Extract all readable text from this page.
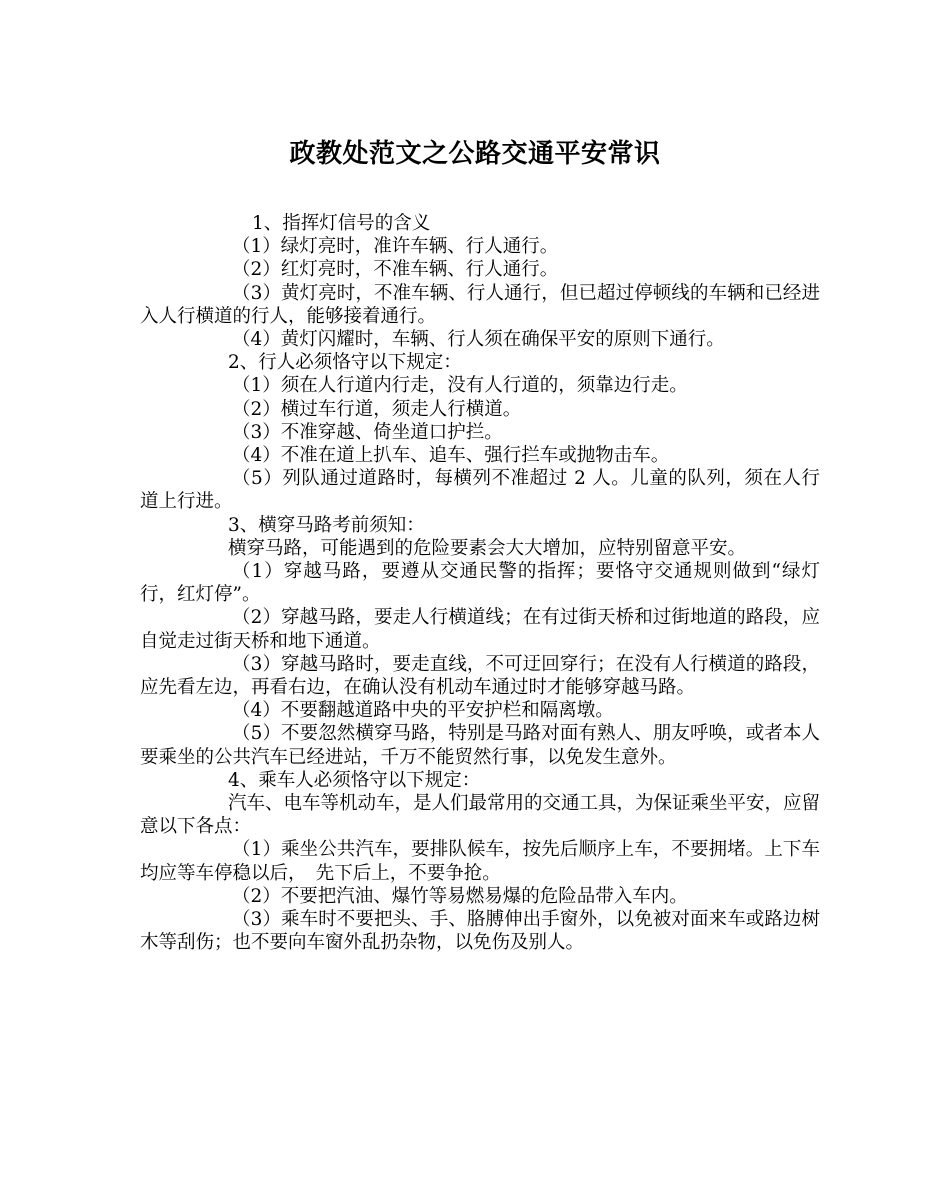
政教处范文之公路交通平安常识

1、指挥灯信号的含义

（1）绿灯亮时，准许车辆、行人通行。

（2）红灯亮时，不准车辆、行人通行。

（3）黄灯亮时，不准车辆、行人通行，但已超过停顿线的车辆和已经进入人行横道的行人，能够接着通行。

（4）黄灯闪耀时，车辆、行人须在确保平安的原则下通行。

2、行人必须恪守以下规定：

（1）须在人行道内行走，没有人行道的，须靠边行走。

（2）横过车行道，须走人行横道。

（3）不准穿越、倚坐道口护拦。

（4）不准在道上扒车、追车、强行拦车或抛物击车。

（5）列队通过道路时，每横列不准超过 2 人。儿童的队列，须在人行道上行进。

3、横穿马路考前须知：

横穿马路，可能遇到的危险要素会大大增加，应特别留意平安。

（1）穿越马路，要遵从交通民警的指挥；要恪守交通规则做到“绿灯行，红灯停”。

（2）穿越马路，要走人行横道线；在有过街天桥和过街地道的路段，应自觉走过街天桥和地下通道。

（3）穿越马路时，要走直线，不可迂回穿行；在没有人行横道的路段，应先看左边，再看右边，在确认没有机动车通过时才能够穿越马路。

（4）不要翻越道路中央的平安护栏和隔离墩。

（5）不要忽然横穿马路，特别是马路对面有熟人、朋友呼唤，或者本人要乘坐的公共汽车已经进站，千万不能贸然行事，以免发生意外。

4、乘车人必须恪守以下规定：

汽车、电车等机动车，是人们最常用的交通工具，为保证乘坐平安，应留意以下各点：

（1）乘坐公共汽车，要排队候车，按先后顺序上车，不要拥堵。上下车均应等车停稳以后，　先下后上，不要争抢。

（2）不要把汽油、爆竹等易燃易爆的危险品带入车内。

（3）乘车时不要把头、手、胳膊伸出手窗外，以免被对面来车或路边树木等刮伤；也不要向车窗外乱扔杂物，以免伤及别人。
